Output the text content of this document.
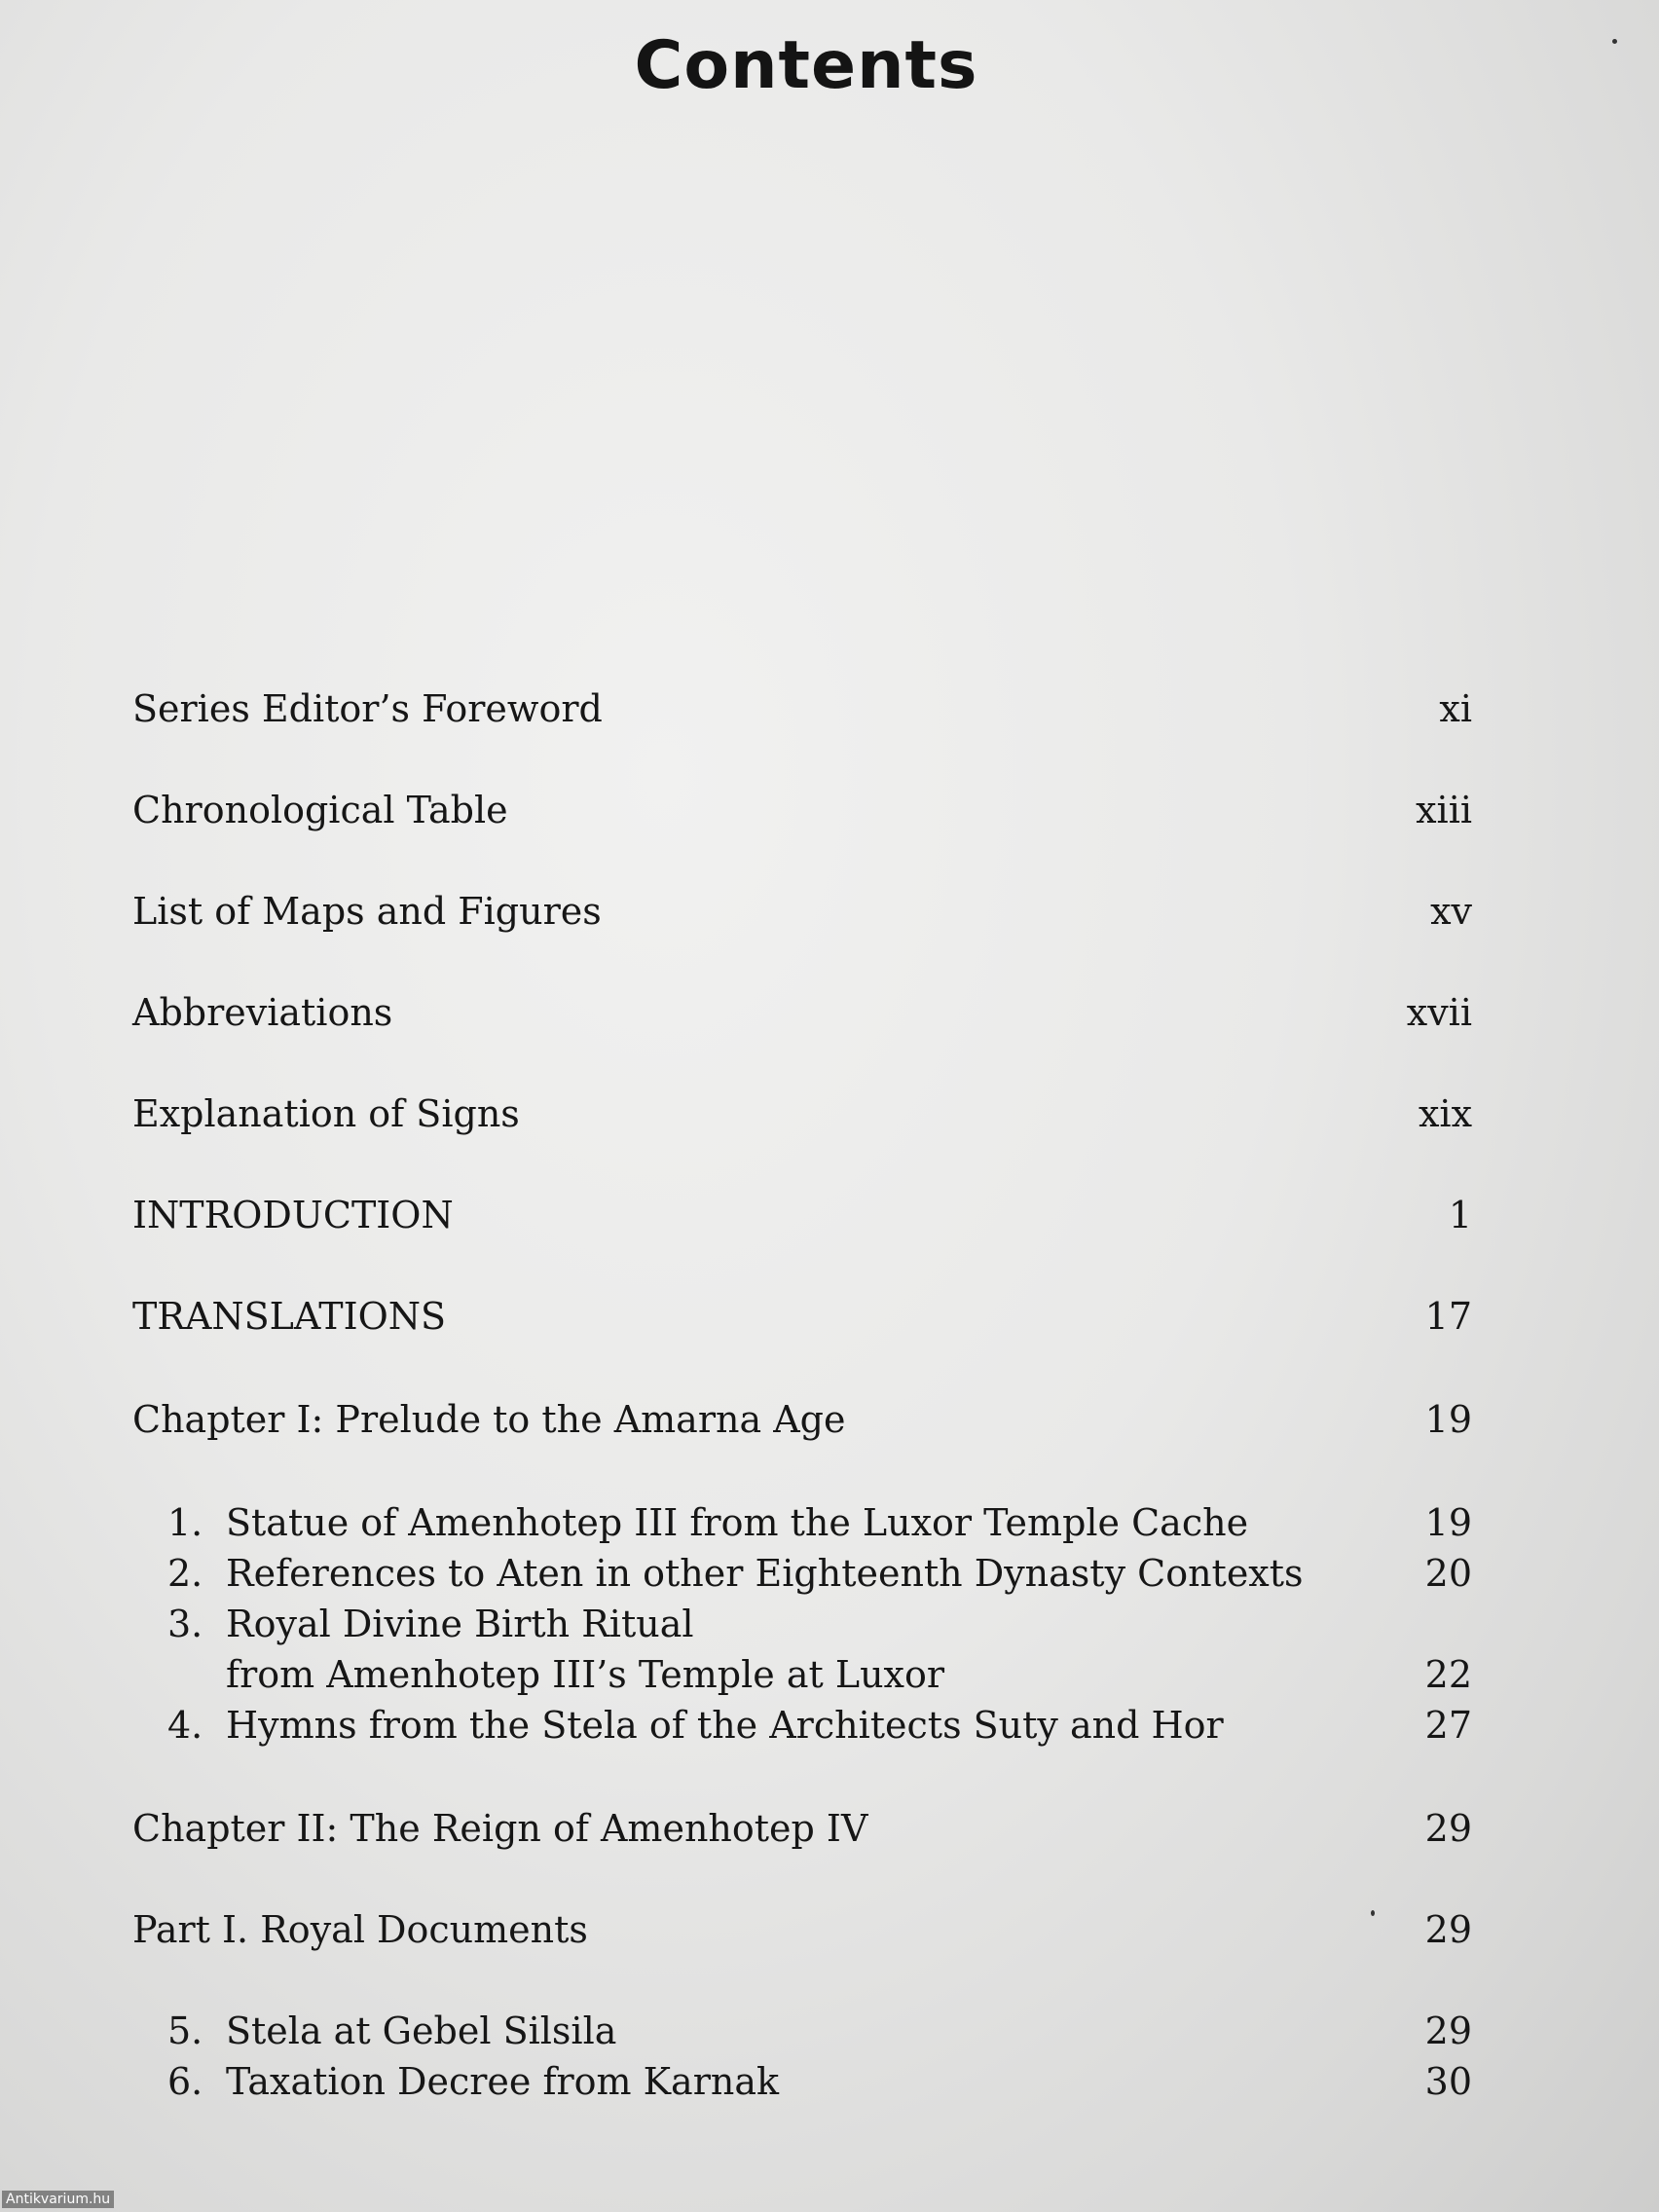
Contents
Series Editor’s Foreword	xi
Chronological Table	xiii
List of Maps and Figures	xv
Abbreviations	xvii
Explanation of Signs	xix
INTRODUCTION	1
TRANSLATIONS	17
Chapter I: Prelude to the Amarna Age	19
1. Statue of Amenhotep III from the Luxor Temple Cache	19
2. References to Aten in other Eighteenth Dynasty Contexts	20
3. Royal Divine Birth Ritual
from Amenhotep III’s Temple at Luxor	22
4. Hymns from the Stela of the Architects Suty and Hor	27
Chapter II: The Reign of Amenhotep IV	29
Part I. Royal Documents	29
5. Stela at Gebel Silsila	29
6. Taxation Decree from Karnak	30
Antikvarium.hu
